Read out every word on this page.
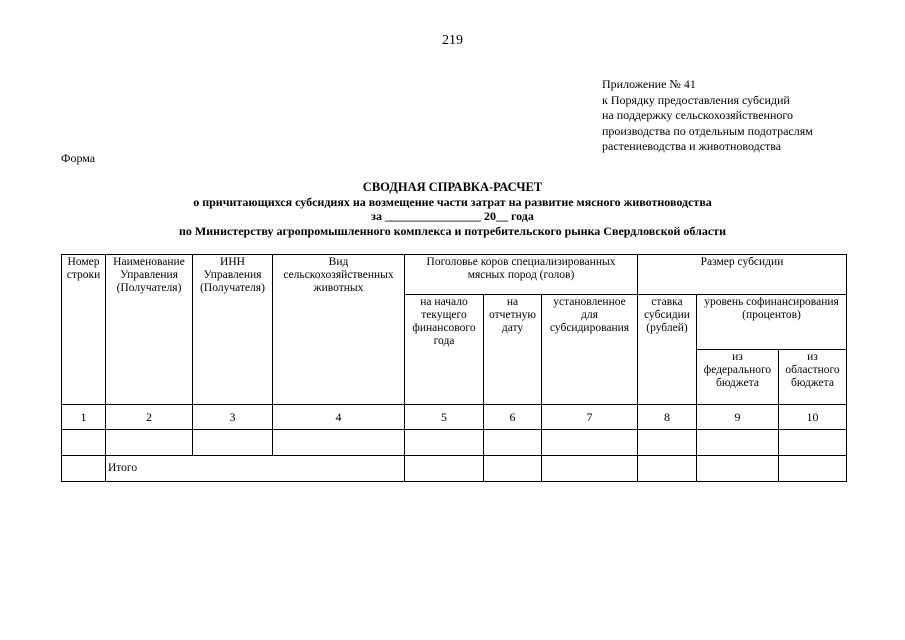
219
Приложение № 41
к Порядку предоставления субсидий
на поддержку сельскохозяйственного
производства по отдельным подотраслям
растениеводства и животноводства
Форма
СВОДНАЯ СПРАВКА-РАСЧЕТ
о причитающихся субсидиях на возмещение части затрат на развитие мясного животноводства
за ________________ 20__ года
по Министерству агропромышленного комплекса и потребительского рынка Свердловской области
Номер строки	Наименование Управления (Получателя)	ИНН Управления (Получателя)	Вид сельскохозяйственных животных	Поголовье коров специализированных мясных пород (голов)			Размер субсидии		
				на начало текущего финансового года	на отчетную дату	установленное для субсидирования	ставка субсидии (рублей)	уровень софинансирования (процентов)	
								из федерального бюджета	из областного бюджета
1	2	3	4	5	6	7	8	9	10

	Итого								
